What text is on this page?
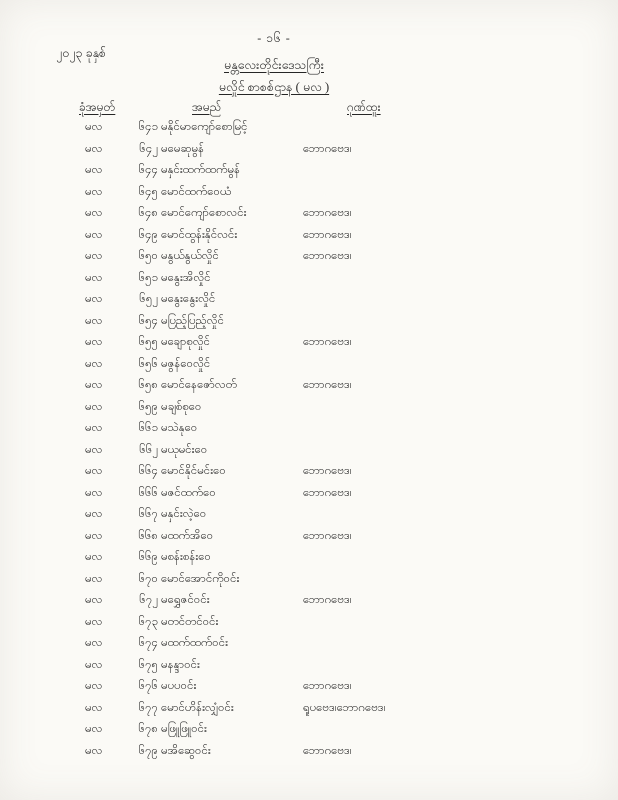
- ၁၆ -
၂၀၂၃ ခုနှစ်
မန္တလေးတိုင်းဒေသကြီး
မလှိုင် စာစစ်ဌာန ( မလ )
ခုံအမှတ်	အမည်	ဂုဏ်ထူး
မလ	၆၄၁ မနိုင်မာကျော်စောမြင့်
မလ	၆၄၂ မမေဆုမွန်	ဘောဂဗေဒ၊
မလ	၆၄၄ မနှင်းထက်ထက်မွန်
မလ	၆၄၅ မောင်ထက်ဝေယံ
မလ	၆၄၈ မောင်ကျော်စောလင်း	ဘောဂဗေဒ၊
မလ	၆၄၉ မောင်ထွန်းနိုင်လင်း	ဘောဂဗေဒ၊
မလ	၆၅၀ မနွယ်နွယ်လှိုင်	ဘောဂဗေဒ၊
မလ	၆၅၁ မနွေးအိလှိုင်
မလ	၆၅၂ မနွေးနွေးလှိုင်
မလ	၆၅၄ မပြည့်ပြည့်လှိုင်
မလ	၆၅၅ မချောစုလှိုင်	ဘောဂဗေဒ၊
မလ	၆၅၆ မဇွန်ဝေလှိုင်
မလ	၆၅၈ မောင်နေဇော်လတ်	ဘောဂဗေဒ၊
မလ	၆၅၉ မချစ်စုဝေ
မလ	၆၆၁ မသဲနုဝေ
မလ	၆၆၂ မယုမင်းဝေ
မလ	၆၆၄ မောင်နိုင်မင်းဝေ	ဘောဂဗေဒ၊
မလ	၆၆၆ မဇင်ထက်ဝေ	ဘောဂဗေဒ၊
မလ	၆၆၇ မနှင်းလဲ့ဝေ
မလ	၆၆၈ မထက်အိဝေ	ဘောဂဗေဒ၊
မလ	၆၆၉ မစန်းစန်းဝေ
မလ	၆၇၀ မောင်အောင်ကိုဝင်း
မလ	၆၇၂ မရွှေဇင်ဝင်း	ဘောဂဗေဒ၊
မလ	၆၇၃ မတင်တင်ဝင်း
မလ	၆၇၄ မထက်ထက်ဝင်း
မလ	၆၇၅ မနန္ဒာဝင်း
မလ	၆၇၆ မပပဝင်း	ဘောဂဗေဒ၊
မလ	၆၇၇ မောင်ဟိန်းလျှံဝင်း	ရူပဗေဒ၊ဘောဂဗေဒ၊
မလ	၆၇၈ မဖြူဖြူဝင်း
မလ	၆၇၉ မအိဆွေဝင်း	ဘောဂဗေဒ၊
